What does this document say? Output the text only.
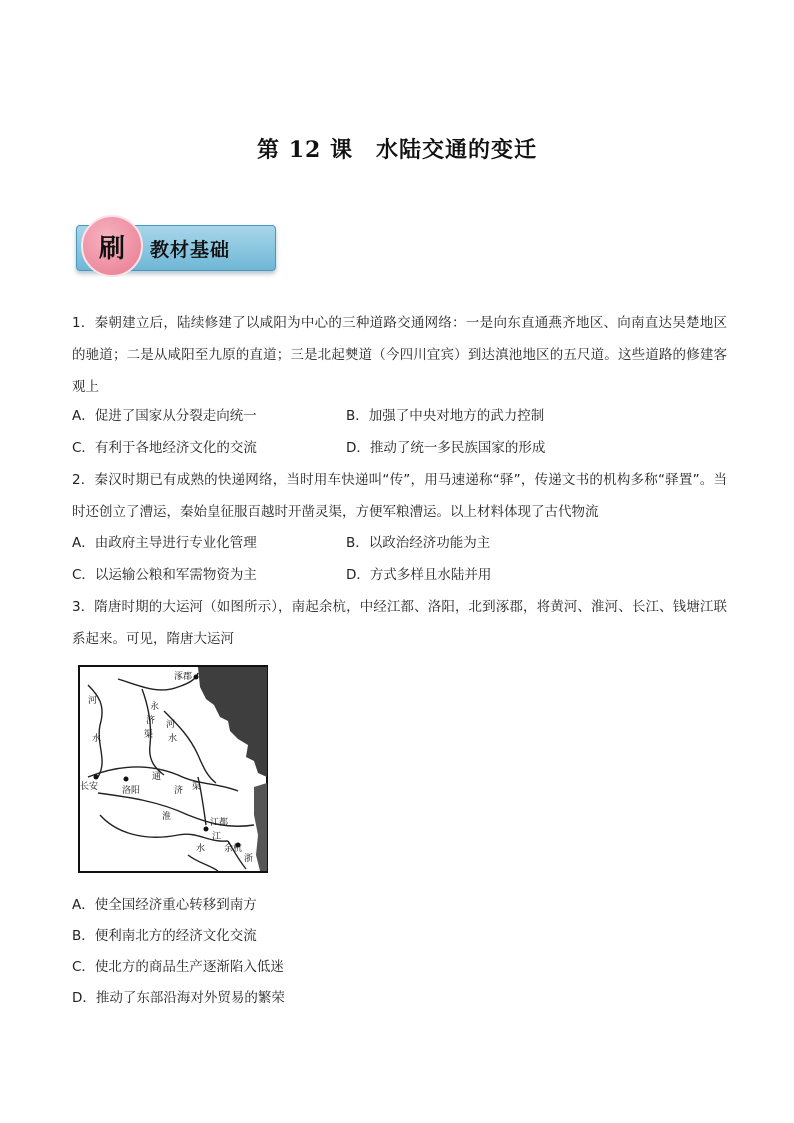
第 12 课　水陆交通的变迁
刷	教材基础
1．秦朝建立后，陆续修建了以咸阳为中心的三种道路交通网络：一是向东直通燕齐地区、向南直达吴楚地区的驰道；二是从咸阳至九原的直道；三是北起僰道（今四川宜宾）到达滇池地区的五尺道。这些道路的修建客观上
A．促进了国家从分裂走向统一	B．加强了中央对地方的武力控制
C．有利于各地经济文化的交流	D．推动了统一多民族国家的形成
2．秦汉时期已有成熟的快递网络，当时用车快递叫“传”，用马速递称“驿”，传递文书的机构多称“驿置”。当时还创立了漕运，秦始皇征服百越时开凿灵渠，方便军粮漕运。以上材料体现了古代物流
A．由政府主导进行专业化管理	B．以政治经济功能为主
C．以运输公粮和军需物资为主	D．方式多样且水陆并用
3．隋唐时期的大运河（如图所示），南起余杭，中经江都、洛阳，北到涿郡，将黄河、淮河、长江、钱塘江联系起来。可见，隋唐大运河
涿郡
河
水
永
济
渠
河
水
长安	洛阳
通
济 渠
淮
江都
余杭
江
浙
水
A．使全国经济重心转移到南方
B．便利南北方的经济文化交流
C．使北方的商品生产逐渐陷入低迷
D．推动了东部沿海对外贸易的繁荣
